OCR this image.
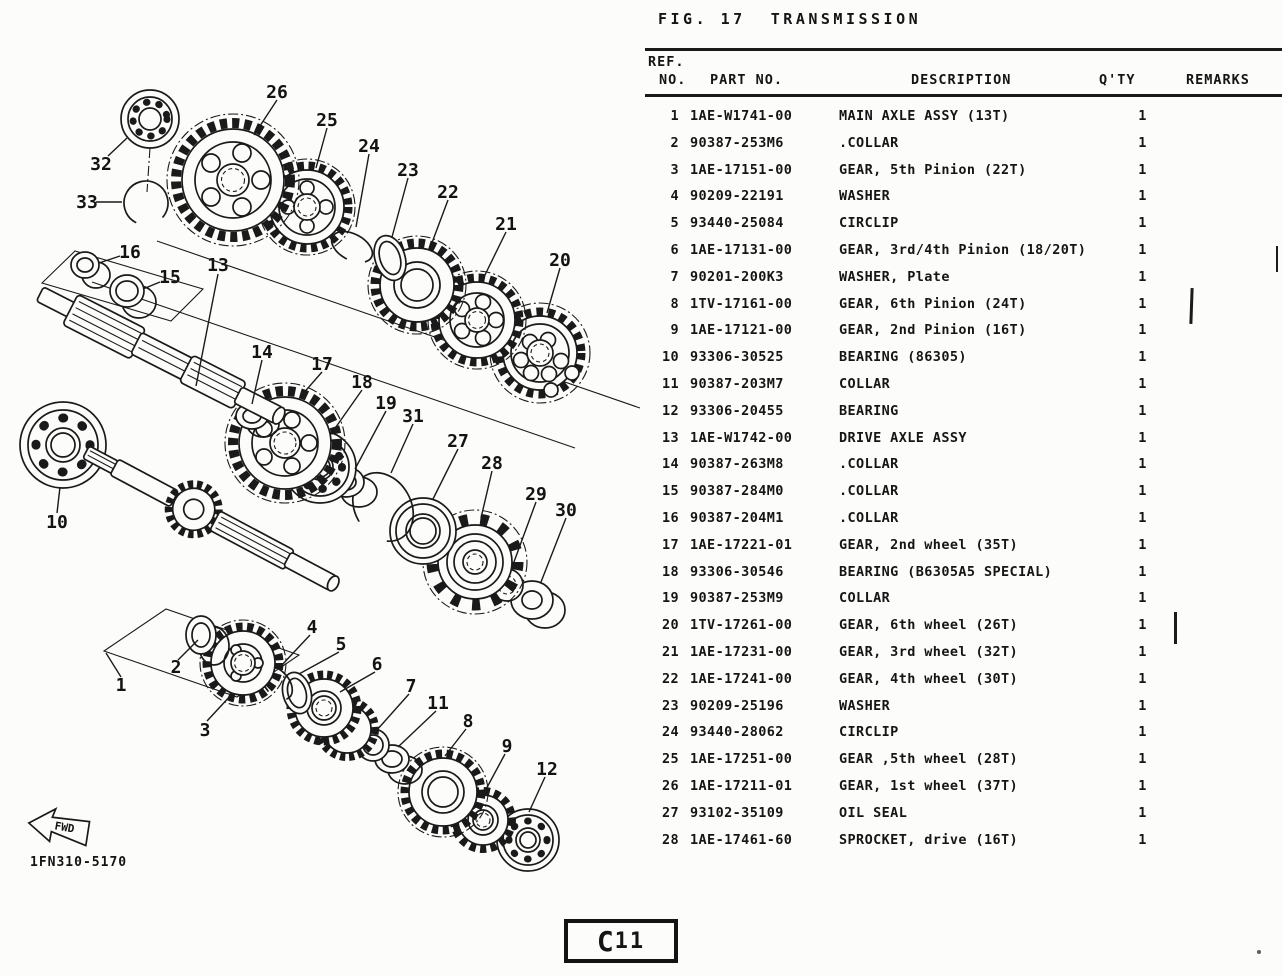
26
25
24
23
22
21
20
32
33
16
15
13
14
17
18
19
31
27
28
29
30
10
1
2
3
4
5
6
7
11
8
9
12
FWD
1FN310-5170
FIG. 17  TRANSMISSION
REF.
NO. PART NO.	DESCRIPTION	Q'TY	REMARKS
1 1AE-W1741-00	MAIN AXLE ASSY (13T)	1
2 90387-253M6	.COLLAR	1
3 1AE-17151-00	GEAR, 5th Pinion (22T)	1
4 90209-22191	WASHER	1
5 93440-25084	CIRCLIP	1
6 1AE-17131-00	GEAR, 3rd/4th Pinion (18/20T)	1
7 90201-200K3	WASHER, Plate	1
8 1TV-17161-00	GEAR, 6th Pinion (24T)	1
9 1AE-17121-00	GEAR, 2nd Pinion (16T)	1
10 93306-30525	BEARING (86305)	1
11 90387-203M7	COLLAR	1
12 93306-20455	BEARING	1
13 1AE-W1742-00	DRIVE AXLE ASSY	1
14 90387-263M8	.COLLAR	1
15 90387-284M0	.COLLAR	1
16 90387-204M1	.COLLAR	1
17 1AE-17221-01	GEAR, 2nd wheel (35T)	1
18 93306-30546	BEARING (B6305A5 SPECIAL)	1
19 90387-253M9	COLLAR	1
20 1TV-17261-00	GEAR, 6th wheel (26T)	1
21 1AE-17231-00	GEAR, 3rd wheel (32T)	1
22 1AE-17241-00	GEAR, 4th wheel (30T)	1
23 90209-25196	WASHER	1
24 93440-28062	CIRCLIP	1
25 1AE-17251-00	GEAR ,5th wheel (28T)	1
26 1AE-17211-01	GEAR, 1st wheel (37T)	1
27 93102-35109	OIL SEAL	1
28 1AE-17461-60	SPROCKET, drive (16T)	1
C 11
